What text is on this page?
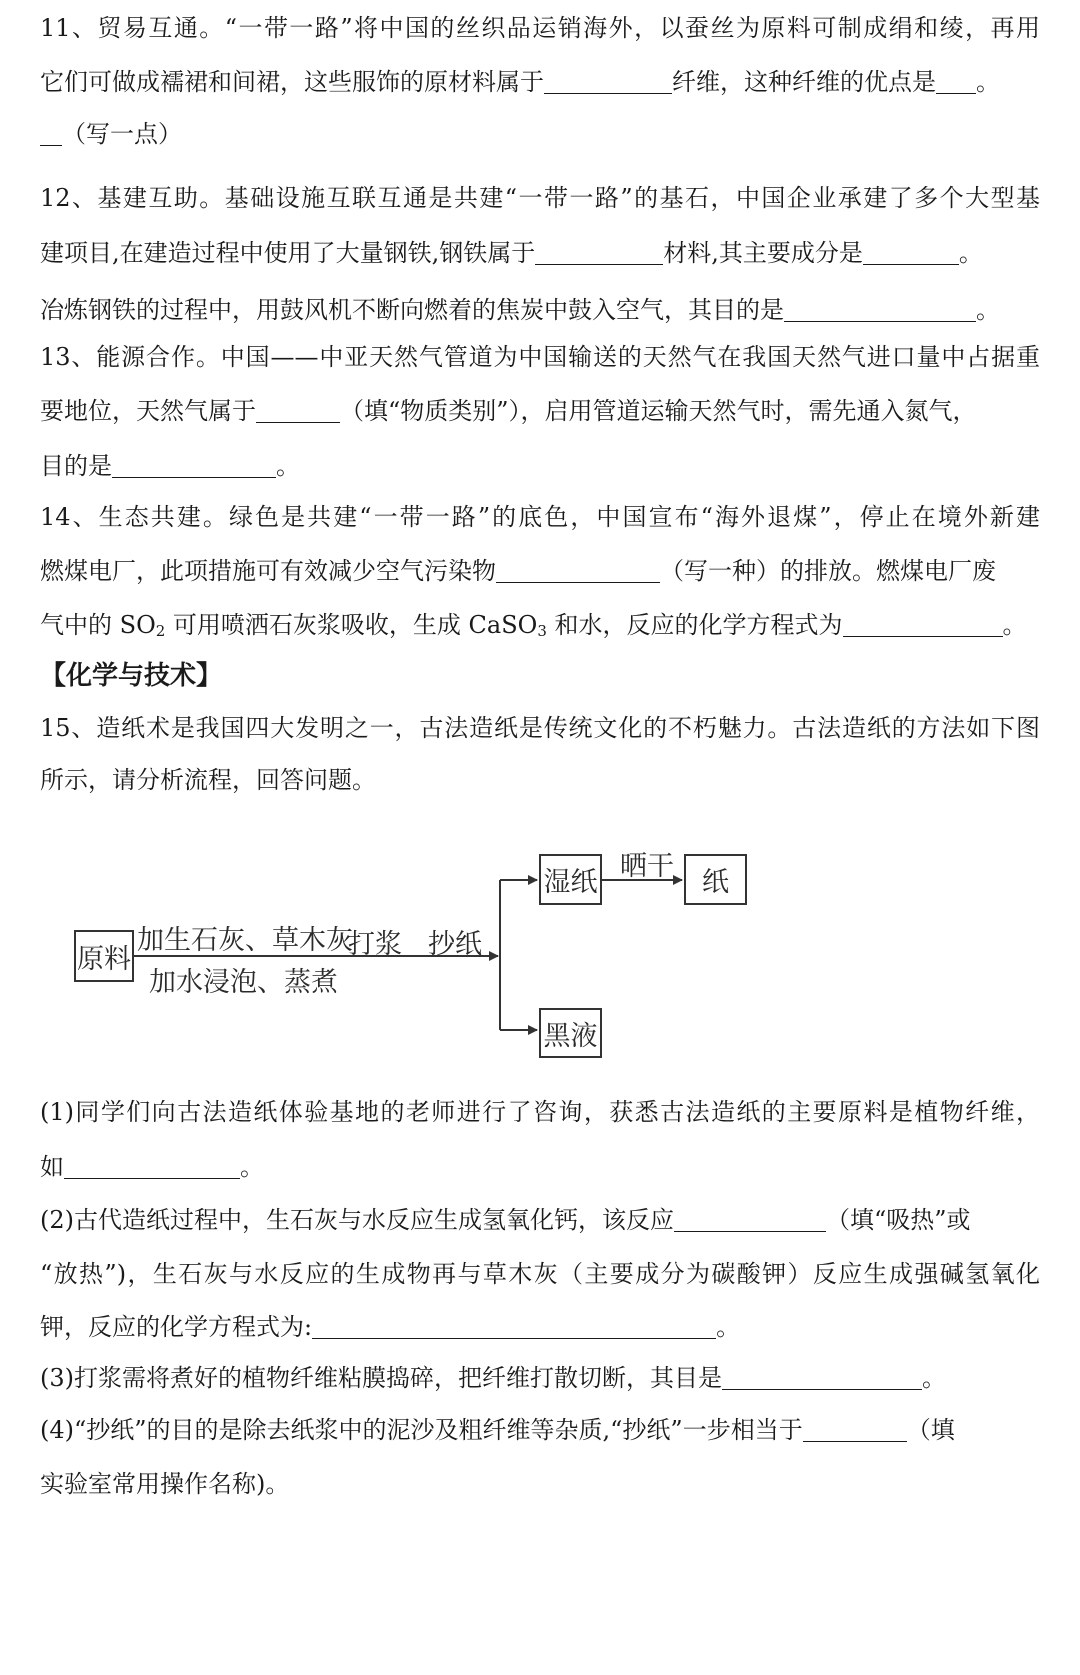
11、贸易互通。“一带一路”将中国的丝织品运销海外，以蚕丝为原料可制成绢和绫，再用
它们可做成襦裙和间裙，这些服饰的原材料属于	纤维，这种纤维的优点是 。
（写一点）
12、基建互助。基础设施互联互通是共建“一带一路”的基石，中国企业承建了多个大型基
建项目,在建造过程中使用了大量钢铁,钢铁属于	材料,其主要成分是	。
冶炼钢铁的过程中，用鼓风机不断向燃着的焦炭中鼓入空气，其目的是	。
13、能源合作。中国——中亚天然气管道为中国输送的天然气在我国天然气进口量中占据重
要地位，天然气属于	（填“物质类别”），启用管道运输天然气时，需先通入氮气，
目的是	。
14、生态共建。绿色是共建“一带一路”的底色，中国宣布“海外退煤”，停止在境外新建
燃煤电厂，此项措施可有效减少空气污染物	（写一种）的排放。燃煤电厂废
气中的 $SO_2$ 可用喷洒石灰浆吸收，生成 CaSO$_3$ 和水，反应的化学方程式为	。
【化学与技术】
15、造纸术是我国四大发明之一，古法造纸是传统文化的不朽魅力。古法造纸的方法如下图
所示，请分析流程，回答问题。
原料
加生石灰、草木灰
加水浸泡、蒸煮
打浆 抄纸
湿纸
晒干
纸
黑液
(1)同学们向古法造纸体验基地的老师进行了咨询，获悉古法造纸的主要原料是植物纤维，
如	。
(2)古代造纸过程中，生石灰与水反应生成氢氧化钙，该反应	（填“吸热”或
“放热”)，生石灰与水反应的生成物再与草木灰（主要成分为碳酸钾）反应生成强碱氢氧化
钾，反应的化学方程式为:	。
(3)打浆需将煮好的植物纤维粘膜捣碎，把纤维打散切断，其目是	。
(4)“抄纸”的目的是除去纸浆中的泥沙及粗纤维等杂质,“抄纸”一步相当于	（填
实验室常用操作名称)。
